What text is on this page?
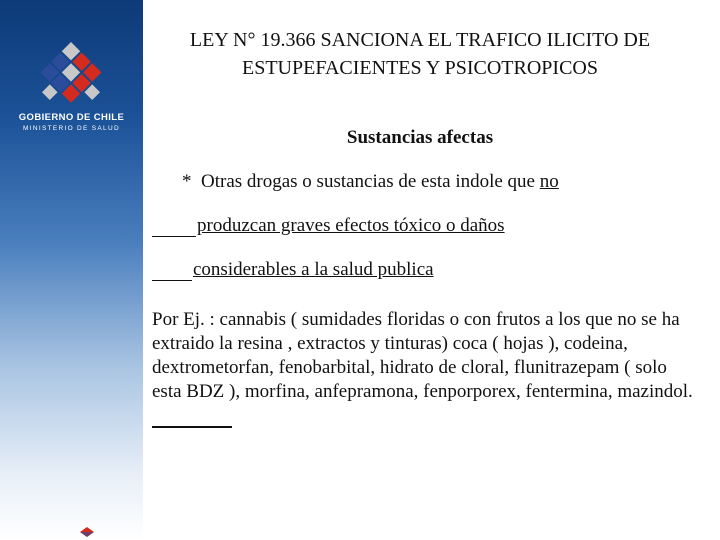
GOBIERNO DE CHILE
MINISTERIO DE SALUD
LEY N° 19.366 SANCIONA EL TRAFICO ILICITO DE ESTUPEFACIENTES Y PSICOTROPICOS
Sustancias afectas
* Otras drogas o sustancias de esta indole que no
produzcan graves efectos tóxico o daños
considerables a la salud publica
Por Ej. : cannabis ( sumidades floridas o con frutos a los que no se ha extraido la resina , extractos y tinturas) coca ( hojas ), codeina, dextrometorfan, fenobarbital, hidrato de cloral, flunitrazepam ( solo esta BDZ ), morfina, anfepramona, fenporporex, fentermina, mazindol.
